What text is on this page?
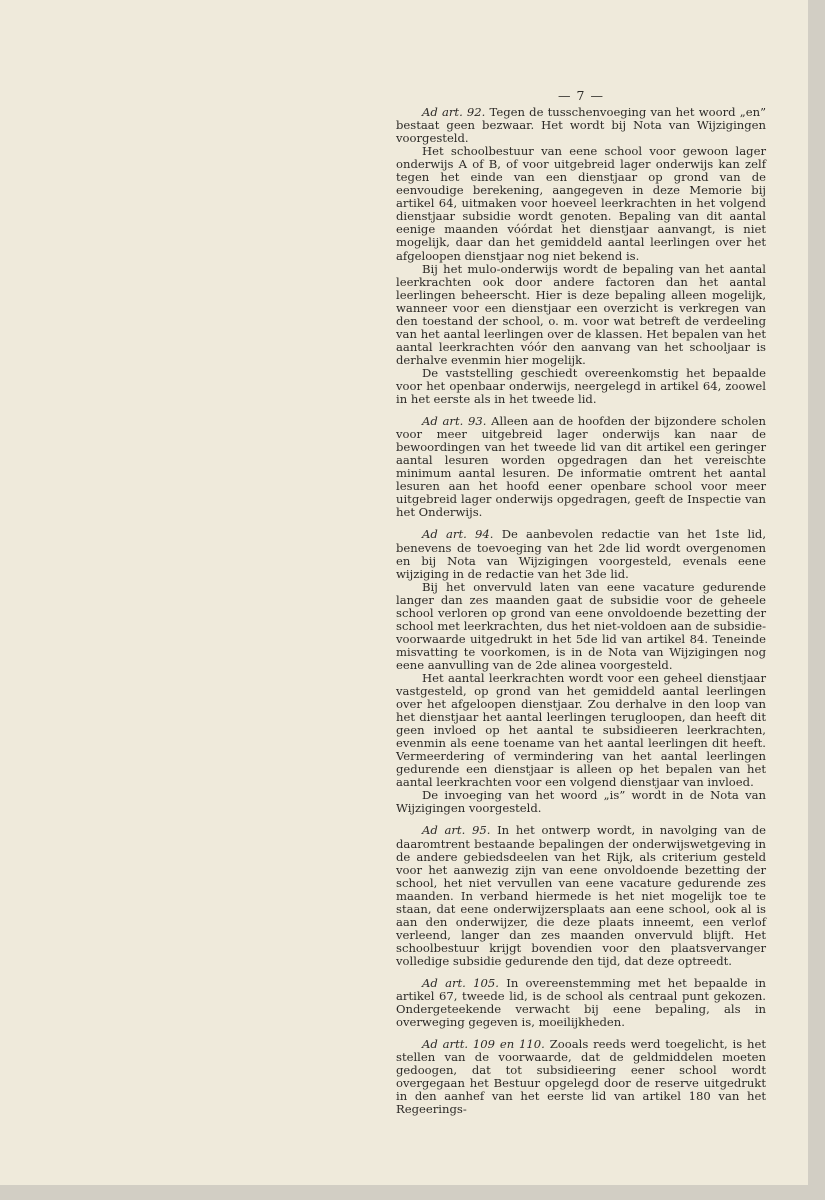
— 7 —

Ad art. 92. Tegen de tusschenvoeging van het woord „en” bestaat geen bezwaar. Het wordt bij Nota van Wijzigingen voorgesteld.

Het schoolbestuur van eene school voor gewoon lager onderwijs A of B, of voor uitgebreid lager onderwijs kan zelf tegen het einde van een dienstjaar op grond van de eenvoudige berekening, aangegeven in deze Memorie bij artikel 64, uitmaken voor hoeveel leerkrachten in het volgend dienstjaar subsidie wordt genoten. Bepaling van dit aantal eenige maanden vóórdat het dienstjaar aanvangt, is niet mogelijk, daar dan het gemiddeld aantal leerlingen over het afgeloopen dienstjaar nog niet bekend is.

Bij het mulo-onderwijs wordt de bepaling van het aantal leerkrachten ook door andere factoren dan het aantal leerlingen beheerscht. Hier is deze bepaling alleen mogelijk, wanneer voor een dienstjaar een overzicht is verkregen van den toestand der school, o. m. voor wat betreft de verdeeling van het aantal leerlingen over de klassen. Het bepalen van het aantal leerkrachten vóór den aanvang van het schooljaar is derhalve evenmin hier mogelijk.

De vaststelling geschiedt overeenkomstig het bepaalde voor het openbaar onderwijs, neergelegd in artikel 64, zoowel in het eerste als in het tweede lid.

Ad art. 93. Alleen aan de hoofden der bijzondere scholen voor meer uitgebreid lager onderwijs kan naar de bewoordingen van het tweede lid van dit artikel een geringer aantal lesuren worden opgedragen dan het vereischte minimum aantal lesuren. De informatie omtrent het aantal lesuren aan het hoofd eener openbare school voor meer uitgebreid lager onderwijs opgedragen, geeft de Inspectie van het Onderwijs.

Ad art. 94. De aanbevolen redactie van het 1ste lid, benevens de toevoeging van het 2de lid wordt overgenomen en bij Nota van Wijzigingen voorgesteld, evenals eene wijziging in de redactie van het 3de lid.

Bij het onvervuld laten van eene vacature gedurende langer dan zes maanden gaat de subsidie voor de geheele school verloren op grond van eene onvoldoende bezetting der school met leerkrachten, dus het niet-voldoen aan de subsidie-voorwaarde uitgedrukt in het 5de lid van artikel 84. Teneinde misvatting te voorkomen, is in de Nota van Wijzigingen nog eene aanvulling van de 2de alinea voorgesteld.

Het aantal leerkrachten wordt voor een geheel dienstjaar vastgesteld, op grond van het gemiddeld aantal leerlingen over het afgeloopen dienstjaar. Zou derhalve in den loop van het dienstjaar het aantal leerlingen terugloopen, dan heeft dit geen invloed op het aantal te subsidieeren leerkrachten, evenmin als eene toename van het aantal leerlingen dit heeft. Vermeerdering of vermindering van het aantal leerlingen gedurende een dienstjaar is alleen op het bepalen van het aantal leerkrachten voor een volgend dienstjaar van invloed.

De invoeging van het woord „is” wordt in de Nota van Wijzigingen voorgesteld.

Ad art. 95. In het ontwerp wordt, in navolging van de daaromtrent bestaande bepalingen der onderwijswetgeving in de andere gebiedsdeelen van het Rijk, als criterium gesteld voor het aanwezig zijn van eene onvoldoende bezetting der school, het niet vervullen van eene vacature gedurende zes maanden. In verband hiermede is het niet mogelijk toe te staan, dat eene onderwijzersplaats aan eene school, ook al is aan den onderwijzer, die deze plaats inneemt, een verlof verleend, langer dan zes maanden onvervuld blijft. Het schoolbestuur krijgt bovendien voor den plaatsvervanger volledige subsidie gedurende den tijd, dat deze optreedt.

Ad art. 105. In overeenstemming met het bepaalde in artikel 67, tweede lid, is de school als centraal punt gekozen. Ondergeteekende verwacht bij eene bepaling, als in overweging gegeven is, moeilijkheden.

Ad artt. 109 en 110. Zooals reeds werd toegelicht, is het stellen van de voorwaarde, dat de geldmiddelen moeten gedoogen, dat tot subsidieering eener school wordt overgegaan het Bestuur opgelegd door de reserve uitgedrukt in den aanhef van het eerste lid van artikel 180 van het Regeerings-
